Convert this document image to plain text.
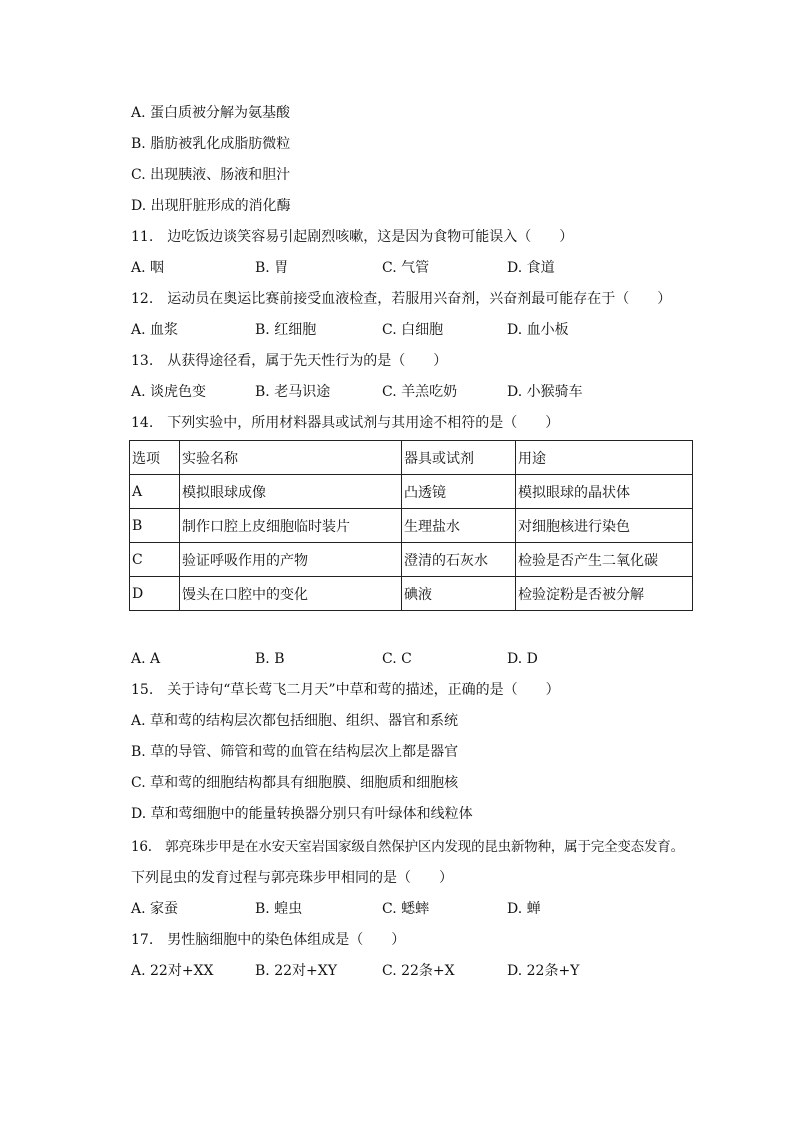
A. 蛋白质被分解为氨基酸
B. 脂肪被乳化成脂肪微粒
C. 出现胰液、肠液和胆汁
D. 出现肝脏形成的消化酶
11.　边吃饭边谈笑容易引起剧烈咳嗽，这是因为食物可能误入（　　）
A. 咽	B. 胃	C. 气管	D. 食道
12.　运动员在奥运比赛前接受血液检查，若服用兴奋剂，兴奋剂最可能存在于（　　）
A. 血浆	B. 红细胞	C. 白细胞	D. 血小板
13.　从获得途径看，属于先天性行为的是（　　）
A. 谈虎色变	B. 老马识途	C. 羊羔吃奶	D. 小猴骑车
14.　下列实验中，所用材料器具或试剂与其用途不相符的是（　　）
选项	实验名称	器具或试剂	用途
A	模拟眼球成像	凸透镜	模拟眼球的晶状体
B	制作口腔上皮细胞临时装片	生理盐水	对细胞核进行染色
C	验证呼吸作用的产物	澄清的石灰水	检验是否产生二氧化碳
D	馒头在口腔中的变化	碘液	检验淀粉是否被分解
A. A	B. B	C. C	D. D
15.　关于诗句“草长莺飞二月天”中草和莺的描述，正确的是（　　）
A. 草和莺的结构层次都包括细胞、组织、器官和系统
B. 草的导管、筛管和莺的血管在结构层次上都是器官
C. 草和莺的细胞结构都具有细胞膜、细胞质和细胞核
D. 草和莺细胞中的能量转换器分别只有叶绿体和线粒体
16.　郭亮珠步甲是在水安天室岩国家级自然保护区内发现的昆虫新物种，属于完全变态发育。
下列昆虫的发育过程与郭亮珠步甲相同的是（　　）
A. 家蚕	B. 蝗虫	C. 蟋蟀	D. 蝉
17.　男性脑细胞中的染色体组成是（　　）
A. 22对+XX	B. 22对+XY	C. 22条+X	D. 22条+Y
